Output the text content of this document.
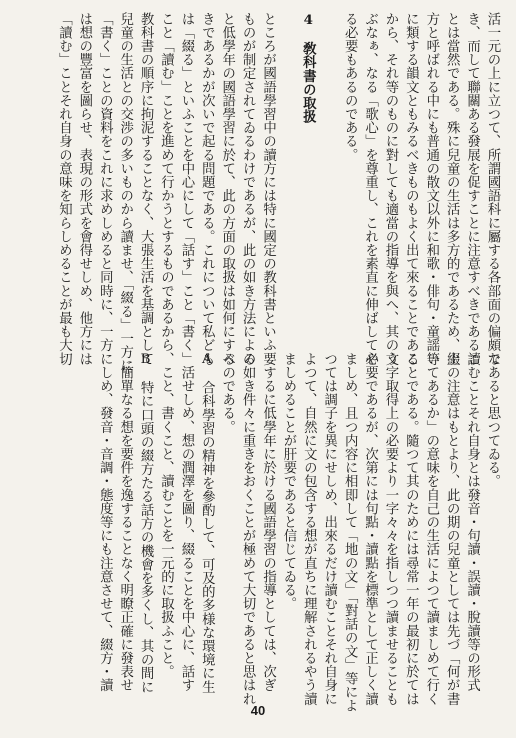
活一元の上に立つて、所謂國語科に屬する各部面の偏頗な
き、而して聯關ある發展を促すことに注意すべきであるこ
とは當然である。殊に兒童の生活は多方的であるため、綴
方と呼ばれる中にも普通の散文以外に和歌・俳句・童謡等
に類する韻文ともみるべきものもよく出て來ることである
から、それ等のものに對しても適當の指導を與へ、其のう
ぶなぁ、なる「歌心」を尊重し、これを素直に伸ばしてや
る必要もあるのである。

4　敎科書の取扱

ところが國語學習中の讀方には特に國定の教科書といふ
ものが制定されてゐるわけであるが、此の如き方法による
と低學年の國語學習に於て、此の方面の取扱は如何にすべ
きであるかが次いで起る問題である。これについて私ども
は「綴る」といふことを中心にして「話す」こと「書く」
こと「讀む」ことを進めて行かうとするものであるから、
教科書の順序に拘泥することなく、大張生活を基調として
兒童の生活との交渉の多いものから讀ませ、「綴る」一方に
「書く」ことの資料をこれに求めしめると同時に、一方に
は想の豐富を圖らせ、表現の形式を會得せしめ、他方には
「讀む」ことそれ自身の意味を知らしめることが最も大切
であると思つてゐる。
讀むことそれ自身とは發音・句讀・誤讀・脫讀等の形式
上の注意はもとより、此の期の兒童としては先づ「何が書
いてあるか」の意味を自己の生活によつて讀ましめて行く
ことである。隨つて其のためには尋常一年の最初に於ては
文字取得上の必要より一字々々を指しつつ讀ませることも
必要であるが、次第には句點・讀點を標準として正しく讀
ましめ、且つ内容に相即して「地の文」「對話の文」等によ
つては調子を異にせしめ、出來るだけ讀むことそれ自身に
よつて、自然に文の包含する想が直ちに理解されるやう讀
ましめることが肝要であると信じてゐる。
要するに低學年に於ける國語學習の指導としては、次ぎ
の如き件々に重きをおくことが極めて大切であると思はれ
るのである。
A　合科學習の精神を參酌して、可及的多様な環境に生
　活せしめ、想の潤澤を圖り、綴ることを中心に、話す
　こと、書くこと、讀むことを一元的に取扱ふこと。
B　特に口頭の綴方たる話方の機會を多くし、其の間に
　簡單なる想を要件を逸することなく明瞭正確に發表せ
　しめ、發音・音調・態度等にも注意させて、綴方・讀
40
